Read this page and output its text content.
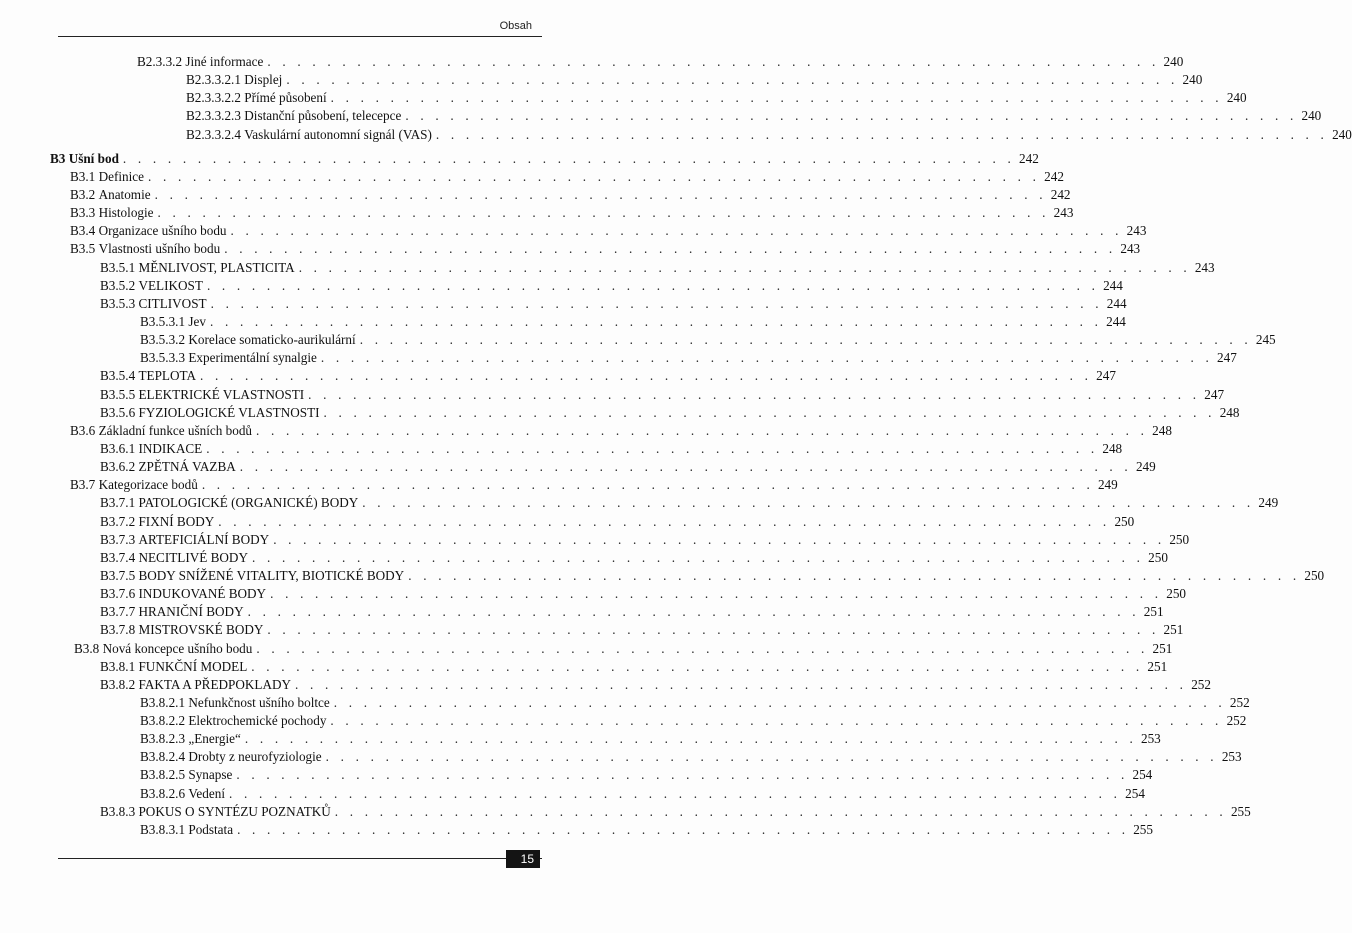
Obsah
B2.3.3.2
Jiné informace . . . . . . . . . . . . . . . . . . . . . . . . . . . . . . . . . . . . . . . . . . . . . . . . . . . . . . . . . . . . 240
B2.3.3.2.1
Displej . . . . . . . . . . . . . . . . . . . . . . . . . . . . . . . . . . . . . . . . . . . . . . . . . . . . . . . . . . . . 240
B2.3.3.2.2
Přímé působení . . . . . . . . . . . . . . . . . . . . . . . . . . . . . . . . . . . . . . . . . . . . . . . . . . . . . . . . . . . . 240
B2.3.3.2.3
Distanční působení, telecepce . . . . . . . . . . . . . . . . . . . . . . . . . . . . . . . . . . . . . . . . . . . . . . . . . . . . . . . . . . . . 240
B2.3.3.2.4
Vaskulární autonomní signál (VAS) . . . . . . . . . . . . . . . . . . . . . . . . . . . . . . . . . . . . . . . . . . . . . . . . . . . . . . . . . . . . 240
B3
Ušní bod . . . . . . . . . . . . . . . . . . . . . . . . . . . . . . . . . . . . . . . . . . . . . . . . . . . . . . . . . . . . 242
B3.1
Definice . . . . . . . . . . . . . . . . . . . . . . . . . . . . . . . . . . . . . . . . . . . . . . . . . . . . . . . . . . . . 242
B3.2
Anatomie . . . . . . . . . . . . . . . . . . . . . . . . . . . . . . . . . . . . . . . . . . . . . . . . . . . . . . . . . . . . 242
B3.3
Histologie . . . . . . . . . . . . . . . . . . . . . . . . . . . . . . . . . . . . . . . . . . . . . . . . . . . . . . . . . . . . 243
B3.4
Organizace ušního bodu . . . . . . . . . . . . . . . . . . . . . . . . . . . . . . . . . . . . . . . . . . . . . . . . . . . . . . . . . . . . 243
B3.5
Vlastnosti ušního bodu . . . . . . . . . . . . . . . . . . . . . . . . . . . . . . . . . . . . . . . . . . . . . . . . . . . . . . . . . . . . 243
B3.5.1
MĚNLIVOST, PLASTICITA . . . . . . . . . . . . . . . . . . . . . . . . . . . . . . . . . . . . . . . . . . . . . . . . . . . . . . . . . . . . 243
B3.5.2
VELIKOST . . . . . . . . . . . . . . . . . . . . . . . . . . . . . . . . . . . . . . . . . . . . . . . . . . . . . . . . . . . . 244
B3.5.3
CITLIVOST . . . . . . . . . . . . . . . . . . . . . . . . . . . . . . . . . . . . . . . . . . . . . . . . . . . . . . . . . . . . 244
B3.5.3.1
Jev . . . . . . . . . . . . . . . . . . . . . . . . . . . . . . . . . . . . . . . . . . . . . . . . . . . . . . . . . . . . 244
B3.5.3.2
Korelace somaticko-aurikulární . . . . . . . . . . . . . . . . . . . . . . . . . . . . . . . . . . . . . . . . . . . . . . . . . . . . . . . . . . . . 245
B3.5.3.3
Experimentální synalgie . . . . . . . . . . . . . . . . . . . . . . . . . . . . . . . . . . . . . . . . . . . . . . . . . . . . . . . . . . . . 247
B3.5.4
TEPLOTA . . . . . . . . . . . . . . . . . . . . . . . . . . . . . . . . . . . . . . . . . . . . . . . . . . . . . . . . . . . . 247
B3.5.5
ELEKTRICKÉ VLASTNOSTI . . . . . . . . . . . . . . . . . . . . . . . . . . . . . . . . . . . . . . . . . . . . . . . . . . . . . . . . . . . . 247
B3.5.6
FYZIOLOGICKÉ VLASTNOSTI . . . . . . . . . . . . . . . . . . . . . . . . . . . . . . . . . . . . . . . . . . . . . . . . . . . . . . . . . . . . 248
B3.6
Základní funkce ušních bodů . . . . . . . . . . . . . . . . . . . . . . . . . . . . . . . . . . . . . . . . . . . . . . . . . . . . . . . . . . . . 248
B3.6.1
INDIKACE . . . . . . . . . . . . . . . . . . . . . . . . . . . . . . . . . . . . . . . . . . . . . . . . . . . . . . . . . . . . 248
B3.6.2
ZPĚTNÁ VAZBA . . . . . . . . . . . . . . . . . . . . . . . . . . . . . . . . . . . . . . . . . . . . . . . . . . . . . . . . . . . . 249
B3.7
Kategorizace bodů . . . . . . . . . . . . . . . . . . . . . . . . . . . . . . . . . . . . . . . . . . . . . . . . . . . . . . . . . . . . 249
B3.7.1
PATOLOGICKÉ (ORGANICKÉ) BODY . . . . . . . . . . . . . . . . . . . . . . . . . . . . . . . . . . . . . . . . . . . . . . . . . . . . . . . . . . . . 249
B3.7.2
FIXNÍ BODY . . . . . . . . . . . . . . . . . . . . . . . . . . . . . . . . . . . . . . . . . . . . . . . . . . . . . . . . . . . . 250
B3.7.3
ARTEFICIÁLNÍ BODY . . . . . . . . . . . . . . . . . . . . . . . . . . . . . . . . . . . . . . . . . . . . . . . . . . . . . . . . . . . . 250
B3.7.4
NECITLIVÉ BODY . . . . . . . . . . . . . . . . . . . . . . . . . . . . . . . . . . . . . . . . . . . . . . . . . . . . . . . . . . . . 250
B3.7.5
BODY SNÍŽENÉ VITALITY, BIOTICKÉ BODY . . . . . . . . . . . . . . . . . . . . . . . . . . . . . . . . . . . . . . . . . . . . . . . . . . . . . . . . . . . . 250
B3.7.6
INDUKOVANÉ BODY . . . . . . . . . . . . . . . . . . . . . . . . . . . . . . . . . . . . . . . . . . . . . . . . . . . . . . . . . . . . 250
B3.7.7
HRANIČNÍ BODY . . . . . . . . . . . . . . . . . . . . . . . . . . . . . . . . . . . . . . . . . . . . . . . . . . . . . . . . . . . . 251
B3.7.8
MISTROVSKÉ BODY . . . . . . . . . . . . . . . . . . . . . . . . . . . . . . . . . . . . . . . . . . . . . . . . . . . . . . . . . . . . 251
B3.8
Nová koncepce ušního bodu . . . . . . . . . . . . . . . . . . . . . . . . . . . . . . . . . . . . . . . . . . . . . . . . . . . . . . . . . . . . 251
B3.8.1
FUNKČNÍ MODEL . . . . . . . . . . . . . . . . . . . . . . . . . . . . . . . . . . . . . . . . . . . . . . . . . . . . . . . . . . . . 251
B3.8.2
FAKTA A PŘEDPOKLADY . . . . . . . . . . . . . . . . . . . . . . . . . . . . . . . . . . . . . . . . . . . . . . . . . . . . . . . . . . . . 252
B3.8.2.1
Nefunkčnost ušního boltce . . . . . . . . . . . . . . . . . . . . . . . . . . . . . . . . . . . . . . . . . . . . . . . . . . . . . . . . . . . . 252
B3.8.2.2
Elektrochemické pochody . . . . . . . . . . . . . . . . . . . . . . . . . . . . . . . . . . . . . . . . . . . . . . . . . . . . . . . . . . . . 252
B3.8.2.3
„Energie“ . . . . . . . . . . . . . . . . . . . . . . . . . . . . . . . . . . . . . . . . . . . . . . . . . . . . . . . . . . . . 253
B3.8.2.4
Drobty z neurofyziologie . . . . . . . . . . . . . . . . . . . . . . . . . . . . . . . . . . . . . . . . . . . . . . . . . . . . . . . . . . . . 253
B3.8.2.5
Synapse . . . . . . . . . . . . . . . . . . . . . . . . . . . . . . . . . . . . . . . . . . . . . . . . . . . . . . . . . . . . 254
B3.8.2.6
Vedení . . . . . . . . . . . . . . . . . . . . . . . . . . . . . . . . . . . . . . . . . . . . . . . . . . . . . . . . . . . . 254
B3.8.3
POKUS O SYNTÉZU POZNATKŮ . . . . . . . . . . . . . . . . . . . . . . . . . . . . . . . . . . . . . . . . . . . . . . . . . . . . . . . . . . . . 255
B3.8.3.1
Podstata . . . . . . . . . . . . . . . . . . . . . . . . . . . . . . . . . . . . . . . . . . . . . . . . . . . . . . . . . . . . 255
15
